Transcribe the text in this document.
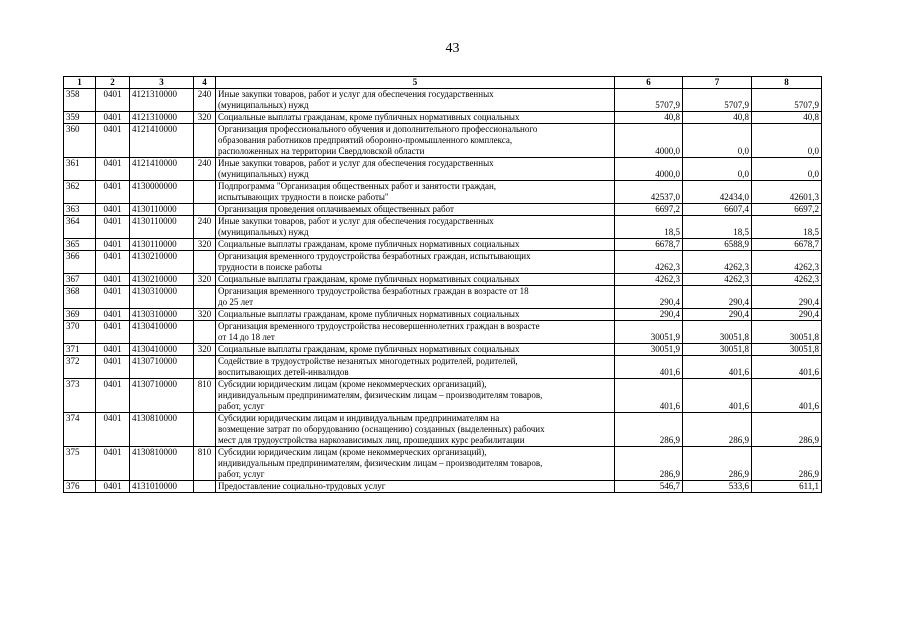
43
1	2	3	4	5	6	7	8
358	0401	4121310000	240	Иные закупки товаров, работ и услуг для обеспечения государственных
(муниципальных) нужд	5707,9	5707,9	5707,9
359	0401	4121310000	320	Социальные выплаты гражданам, кроме публичных нормативных социальных	40,8	40,8	40,8
360	0401	4121410000		Организация профессионального обучения и дополнительного профессионального
образования работников предприятий оборонно-промышленного комплекса,
расположенных на территории Свердловской области	4000,0	0,0	0,0
361	0401	4121410000	240	Иные закупки товаров, работ и услуг для обеспечения государственных
(муниципальных) нужд	4000,0	0,0	0,0
362	0401	4130000000		Подпрограмма "Организация общественных работ и занятости граждан,
испытывающих трудности в поиске работы"	42537,0	42434,0	42601,3
363	0401	4130110000		Организация проведения оплачиваемых общественных работ	6697,2	6607,4	6697,2
364	0401	4130110000	240	Иные закупки товаров, работ и услуг для обеспечения государственных
(муниципальных) нужд	18,5	18,5	18,5
365	0401	4130110000	320	Социальные выплаты гражданам, кроме публичных нормативных социальных	6678,7	6588,9	6678,7
366	0401	4130210000		Организация временного трудоустройства безработных граждан, испытывающих
трудности в поиске работы	4262,3	4262,3	4262,3
367	0401	4130210000	320	Социальные выплаты гражданам, кроме публичных нормативных социальных	4262,3	4262,3	4262,3
368	0401	4130310000		Организация временного трудоустройства безработных граждан в возрасте от 18
до 25 лет	290,4	290,4	290,4
369	0401	4130310000	320	Социальные выплаты гражданам, кроме публичных нормативных социальных	290,4	290,4	290,4
370	0401	4130410000		Организация временного трудоустройства несовершеннолетних граждан в возрасте
от 14 до 18 лет	30051,9	30051,8	30051,8
371	0401	4130410000	320	Социальные выплаты гражданам, кроме публичных нормативных социальных	30051,9	30051,8	30051,8
372	0401	4130710000		Содействие в трудоустройстве незанятых многодетных родителей, родителей,
воспитывающих детей-инвалидов	401,6	401,6	401,6
373	0401	4130710000	810	Субсидии юридическим лицам (кроме некоммерческих организаций),
индивидуальным предпринимателям, физическим лицам – производителям товаров,
работ, услуг	401,6	401,6	401,6
374	0401	4130810000		Субсидии юридическим лицам и индивидуальным предпринимателям на
возмещение затрат по оборудованию (оснащению) созданных (выделенных) рабочих
мест для трудоустройства наркозависимых лиц, прошедших курс реабилитации	286,9	286,9	286,9
375	0401	4130810000	810	Субсидии юридическим лицам (кроме некоммерческих организаций),
индивидуальным предпринимателям, физическим лицам – производителям товаров,
работ, услуг	286,9	286,9	286,9
376	0401	4131010000		Предоставление социально-трудовых услуг	546,7	533,6	611,1
